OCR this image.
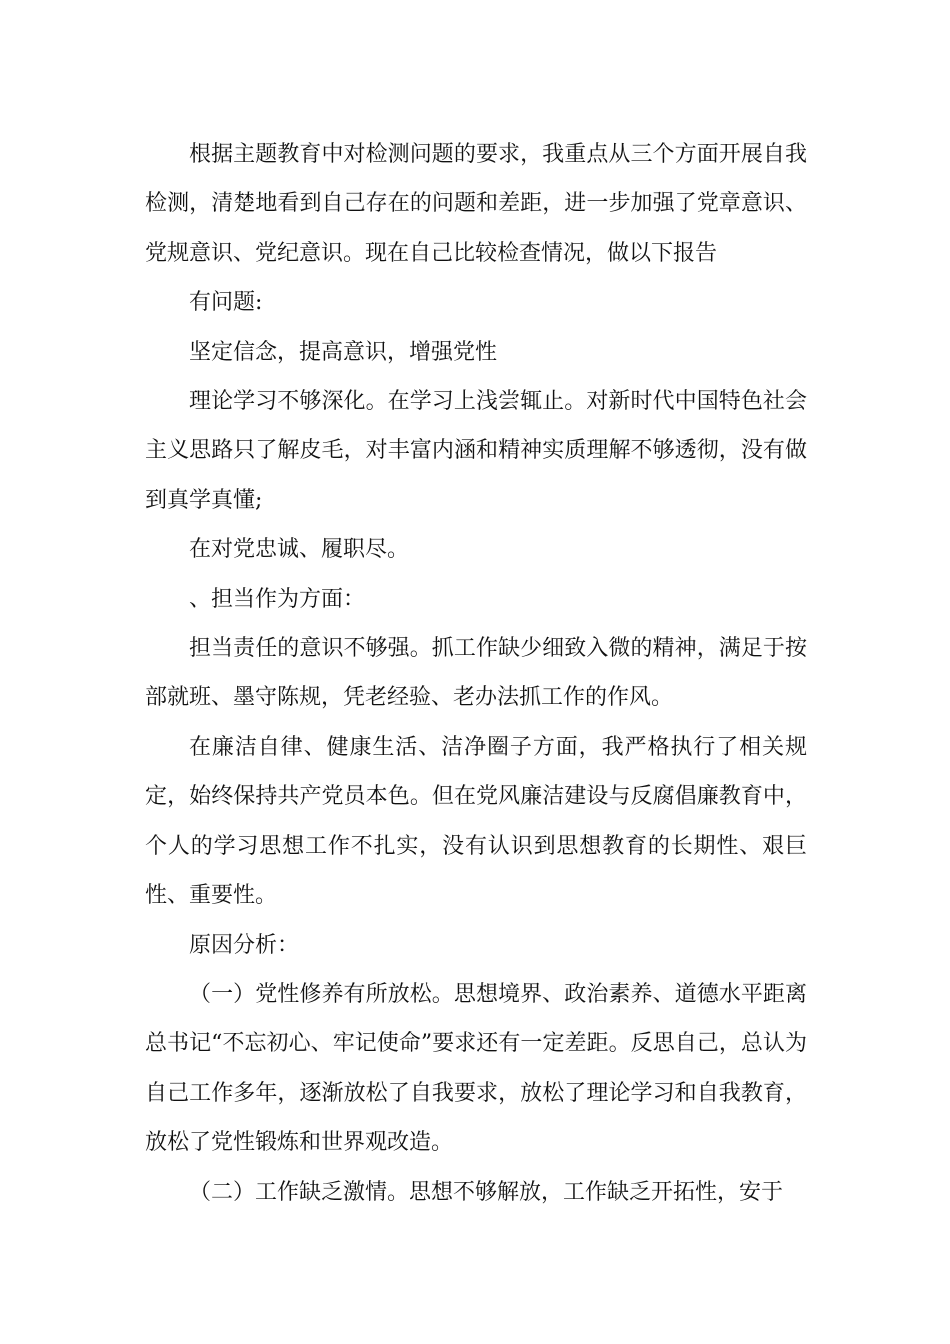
根据主题教育中对检测问题的要求，我重点从三个方面开展自我检测，清楚地看到自己存在的问题和差距，进一步加强了党章意识、党规意识、党纪意识。现在自己比较检查情况，做以下报告

有问题:

坚定信念，提高意识，增强党性

理论学习不够深化。在学习上浅尝辄止。对新时代中国特色社会主义思路只了解皮毛，对丰富内涵和精神实质理解不够透彻，没有做到真学真懂;

在对党忠诚、履职尽。

、担当作为方面：

担当责任的意识不够强。抓工作缺少细致入微的精神，满足于按部就班、墨守陈规，凭老经验、老办法抓工作的作风。

在廉洁自律、健康生活、洁净圈子方面，我严格执行了相关规定，始终保持共产党员本色。但在党风廉洁建设与反腐倡廉教育中，个人的学习思想工作不扎实，没有认识到思想教育的长期性、艰巨性、重要性。

原因分析：

（一）党性修养有所放松。思想境界、政治素养、道德水平距离总书记“不忘初心、牢记使命”要求还有一定差距。反思自己，总认为自己工作多年，逐渐放松了自我要求，放松了理论学习和自我教育，放松了党性锻炼和世界观改造。

（二）工作缺乏激情。思想不够解放，工作缺乏开拓性，安于
